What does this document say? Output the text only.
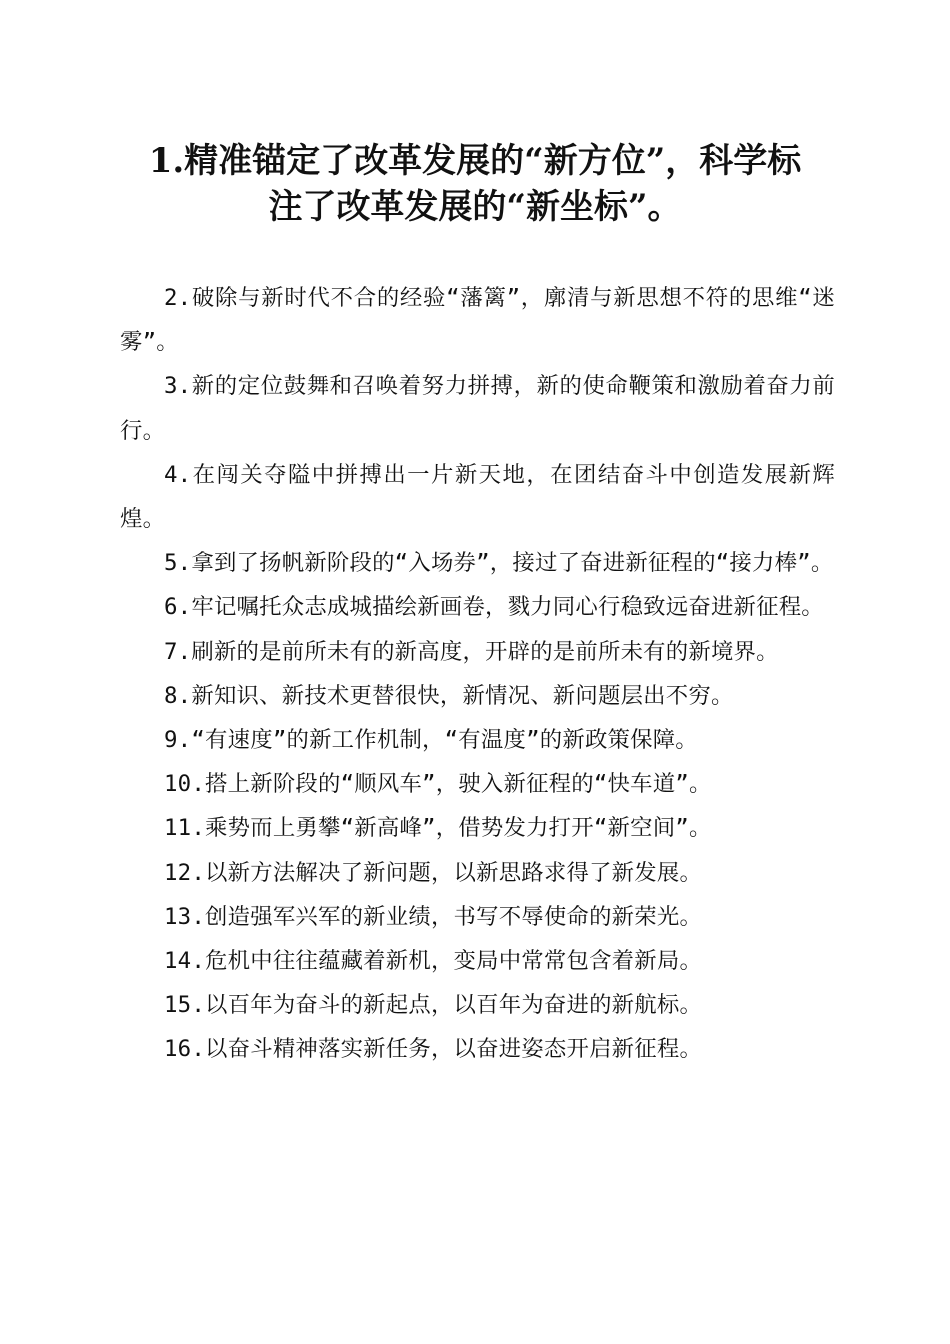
1.精准锚定了改革发展的“新方位”，科学标
注了改革发展的“新坐标”。

2.破除与新时代不合的经验“藩篱”，廓清与新思想不符的思维“迷雾”。

3.新的定位鼓舞和召唤着努力拼搏，新的使命鞭策和激励着奋力前行。

4.在闯关夺隘中拼搏出一片新天地，在团结奋斗中创造发展新辉煌。

5.拿到了扬帆新阶段的“入场券”，接过了奋进新征程的“接力棒”。

6.牢记嘱托众志成城描绘新画卷，戮力同心行稳致远奋进新征程。

7.刷新的是前所未有的新高度，开辟的是前所未有的新境界。

8.新知识、新技术更替很快，新情况、新问题层出不穷。

9.“有速度”的新工作机制，“有温度”的新政策保障。

10.搭上新阶段的“顺风车”，驶入新征程的“快车道”。

11.乘势而上勇攀“新高峰”，借势发力打开“新空间”。

12.以新方法解决了新问题，以新思路求得了新发展。

13.创造强军兴军的新业绩，书写不辱使命的新荣光。

14.危机中往往蕴藏着新机，变局中常常包含着新局。

15.以百年为奋斗的新起点，以百年为奋进的新航标。

16.以奋斗精神落实新任务，以奋进姿态开启新征程。
